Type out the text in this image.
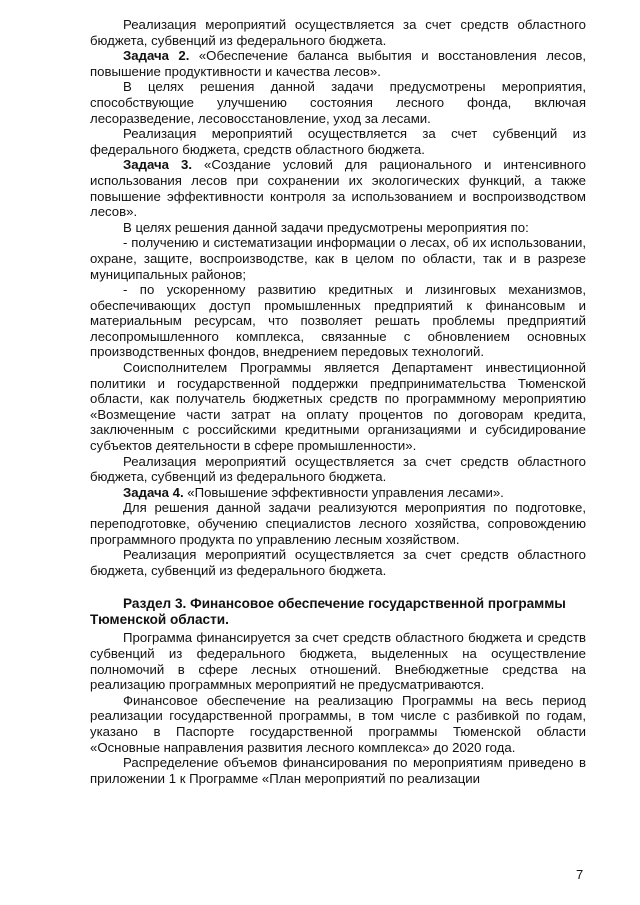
Реализация мероприятий осуществляется за счет средств областного бюджета, субвенций из федерального бюджета.

Задача 2. «Обеспечение баланса выбытия и восстановления лесов, повышение продуктивности и качества лесов».

В целях решения данной задачи предусмотрены мероприятия, способствующие улучшению состояния лесного фонда, включая лесоразведение, лесовосстановление, уход за лесами.

Реализация мероприятий осуществляется за счет субвенций из федерального бюджета, средств областного бюджета.

Задача 3. «Создание условий для рационального и интенсивного использования лесов при сохранении их экологических функций, а также повышение эффективности контроля за использованием и воспроизводством лесов».

В целях решения данной задачи предусмотрены мероприятия по:

- получению и систематизации информации о лесах, об их использовании, охране, защите, воспроизводстве, как в целом по области, так и в разрезе муниципальных районов;

- по ускоренному развитию кредитных и лизинговых механизмов, обеспечивающих доступ промышленных предприятий к финансовым и материальным ресурсам, что позволяет решать проблемы предприятий лесопромышленного комплекса, связанные с обновлением основных производственных фондов, внедрением передовых технологий.

Соисполнителем Программы является Департамент инвестиционной политики и государственной поддержки предпринимательства Тюменской области, как получатель бюджетных средств по программному мероприятию «Возмещение части затрат на оплату процентов по договорам кредита, заключенным с российскими кредитными организациями и субсидирование субъектов деятельности в сфере промышленности».

Реализация мероприятий осуществляется за счет средств областного бюджета, субвенций из федерального бюджета.

Задача 4. «Повышение эффективности управления лесами».

Для решения данной задачи реализуются мероприятия по подготовке, переподготовке, обучению специалистов лесного хозяйства, сопровождению программного продукта по управлению лесным хозяйством.

Реализация мероприятий осуществляется за счет средств областного бюджета, субвенций из федерального бюджета.

Раздел 3. Финансовое обеспечение государственной программы Тюменской области.

Программа финансируется за счет средств областного бюджета и средств субвенций из федерального бюджета, выделенных на осуществление полномочий в сфере лесных отношений. Внебюджетные средства на реализацию программных мероприятий не предусматриваются.

Финансовое обеспечение на реализацию Программы на весь период реализации государственной программы, в том числе с разбивкой по годам, указано в Паспорте государственной программы Тюменской области «Основные направления развития лесного комплекса» до 2020 года.

Распределение объемов финансирования по мероприятиям приведено в приложении 1 к Программе «План мероприятий по реализации

7
